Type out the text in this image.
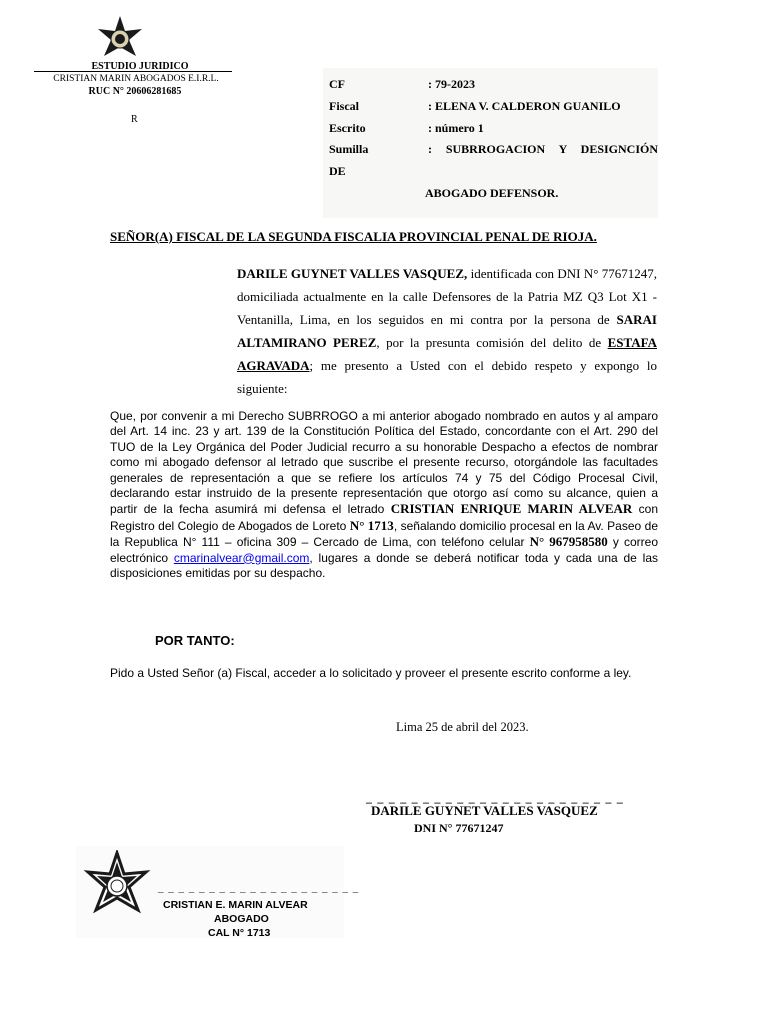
ESTUDIO JURIDICO
CRISTIAN MARIN ABOGADOS E.I.R.L.
RUC N° 20606281685
R
CF	: 79-2023
Fiscal	: ELENA V. CALDERON GUANILO
Escrito	: número 1
Sumilla	: SUBRROGACION Y DESIGNCIÓN
DE
ABOGADO DEFENSOR.
SEÑOR(A) FISCAL DE LA SEGUNDA FISCALIA PROVINCIAL PENAL DE RIOJA.
DARILE GUYNET VALLES VASQUEZ, identificada con DNI N° 77671247, domiciliada actualmente en la calle Defensores de la Patria MZ Q3 Lot X1 - Ventanilla, Lima, en los seguidos en mi contra por la persona de SARAI ALTAMIRANO PEREZ, por la presunta comisión del delito de ESTAFA AGRAVADA; me presento a Usted con el debido respeto y expongo lo siguiente:
Que, por convenir a mi Derecho SUBRROGO a mi anterior abogado nombrado en autos y al amparo del Art. 14 inc. 23 y art. 139 de la Constitución Política del Estado, concordante con el Art. 290 del TUO de la Ley Orgánica del Poder Judicial recurro a su honorable Despacho a efectos de nombrar como mi abogado defensor al letrado que suscribe el presente recurso, otorgándole las facultades generales de representación a que se refiere los artículos 74 y 75 del Código Procesal Civil, declarando estar instruido de la presente representación que otorgo así como su alcance, quien a partir de la fecha asumirá mi defensa el letrado CRISTIAN ENRIQUE MARIN ALVEAR con Registro del Colegio de Abogados de Loreto N° 1713, señalando domicilio procesal en la Av. Paseo de la Republica N° 111 – oficina 309 – Cercado de Lima, con teléfono celular N° 967958580 y correo electrónico cmarinalvear@gmail.com, lugares a donde se deberá notificar toda y cada una de las disposiciones emitidas por su despacho.
POR TANTO:
Pido a Usted Señor (a) Fiscal, acceder a lo solicitado y proveer el presente escrito conforme a ley.
Lima 25 de abril del 2023.
_ _ _ _ _ _ _ _ _ _ _ _ _ _ _ _ _ _ _ _ _ _ _
DARILE GUYNET VALLES VASQUEZ
DNI N° 77671247
_ _ _ _ _ _ _ _ _ _ _ _ _ _ _ _ _ _ _ _
CRISTIAN E. MARIN ALVEAR
ABOGADO
CAL N° 1713
